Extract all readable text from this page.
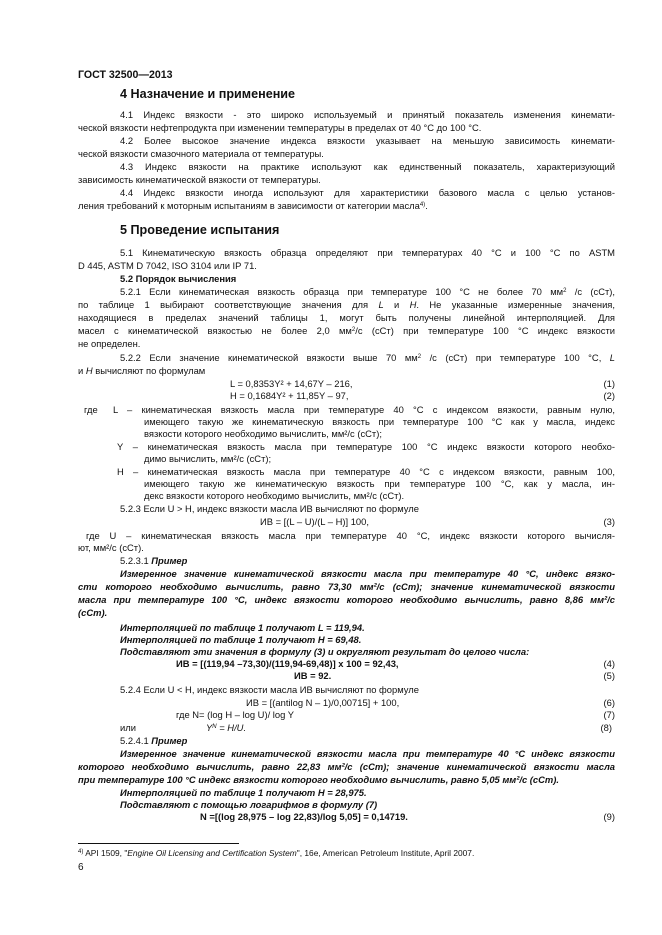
ГОСТ 32500—2013
4 Назначение и применение
4.1 Индекс вязкости - это широко используемый и принятый показатель изменения кинемати-
ческой вязкости нефтепродукта при изменении температуры в пределах от 40 °С до 100 °С.
4.2 Более высокое значение индекса вязкости указывает на меньшую зависимость кинемати-
ческой вязкости смазочного материала от температуры.
4.3 Индекс вязкости на практике используют как единственный показатель, характеризующий
зависимость кинематической вязкости от температуры.
4.4 Индекс вязкости иногда используют для характеристики базового масла с целью установ-
ления требований к моторным испытаниям в зависимости от категории масла$^{4)}$.
5 Проведение испытания
5.1 Кинематическую вязкость образца определяют при температурах 40 °С и 100 °С по ASTM
D 445, ASTM D 7042, ISO 3104 или IP 71.
5.2 Порядок вычисления
5.2.1 Если кинематическая вязкость образца при температуре 100 °С не более 70 $мм^2$ /с (сСт),
по таблице 1 выбирают соответствующие значения для L и H. Не указанные измеренные значения,
находящиеся в пределах значений таблицы 1, могут быть получены линейной интерполяцией. Для
масел с кинематической вязкостью не более 2,0 $мм^2/с$ (сСт) при температуре 100 °С индекс вязкости
не определен.
5.2.2 Если значение кинематической вязкости выше 70 $мм^2$ /с (сСт) при температуре 100 °С, L
и H вычисляют по формулам
L = 0,8353Y² + 14,67Y – 216,	(1)
H = 0,1684Y² + 11,85Y – 97,	(2)
где L – кинематическая вязкость масла при температуре 40 °С с индексом вязкости, равным нулю,
имеющего такую же кинематическую вязкость при температуре 100 °С как у масла, индекс
вязкости которого необходимо вычислить, мм²/с (сСт);
Y – кинематическая вязкость масла при температуре 100 °С индекс вязкости которого необхо-
димо вычислить, мм²/с (сСт);
H – кинематическая вязкость масла при температуре 40 °С с индексом вязкости, равным 100,
имеющего такую же кинематическую вязкость при температуре 100 °С, как у масла, ин-
декс вязкости которого необходимо вычислить, мм²/с (сСт).
5.2.3 Если U > H, индекс вязкости масла ИВ вычисляют по формуле
ИВ = [(L – U)/(L – H)] 100,	(3)
где U – кинематическая вязкость масла при температуре 40 °С, индекс вязкости которого вычисля-
ют, мм²/с (сСт).
5.2.3.1 Пример
Измеренное значение кинематической вязкости масла при температуре 40 °С, индекс вязко-
сти которого необходимо вычислить, равно 73,30 мм²/с (сСт); значение кинематической вязкости
масла при температуре 100 °С, индекс вязкости которого необходимо вычислить, равно 8,86 мм²/с
(сСт).
Интерполяцией по таблице 1 получают L = 119,94.
Интерполяцией по таблице 1 получают H = 69,48.
Подставляют эти значения в формулу (3) и округляют результат до целого числа:
ИВ = [(119,94 –73,30)/(119,94-69,48)] х 100 = 92,43,	(4)
ИВ = 92.	(5)
5.2.4 Если U < H, индекс вязкости масла ИВ вычисляют по формуле
ИВ = [(antilog N – 1)/0,00715] + 100,	(6)
где N= (log H – log U)/ log Y	(7)
или	$Y^N = H/U$.	(8)
5.2.4.1 Пример
Измеренное значение кинематической вязкости масла при температуре 40 °С индекс вязкости
которого необходимо вычислить, равно 22,83 мм²/с (сСт); значение кинематической вязкости масла
при температуре 100 °С индекс вязкости которого необходимо вычислить, равно 5,05 мм²/с (сСт).
Интерполяцией по таблице 1 получают H = 28,975.
Подставляют с помощью логарифмов в формулу (7)
N =[(log 28,975 – log 22,83)/log 5,05] = 0,14719.	(9)
$^{4)}$ API 1509, "Engine Oil Licensing and Certification System", 16e, American Petroleum Institute, April 2007.
6
